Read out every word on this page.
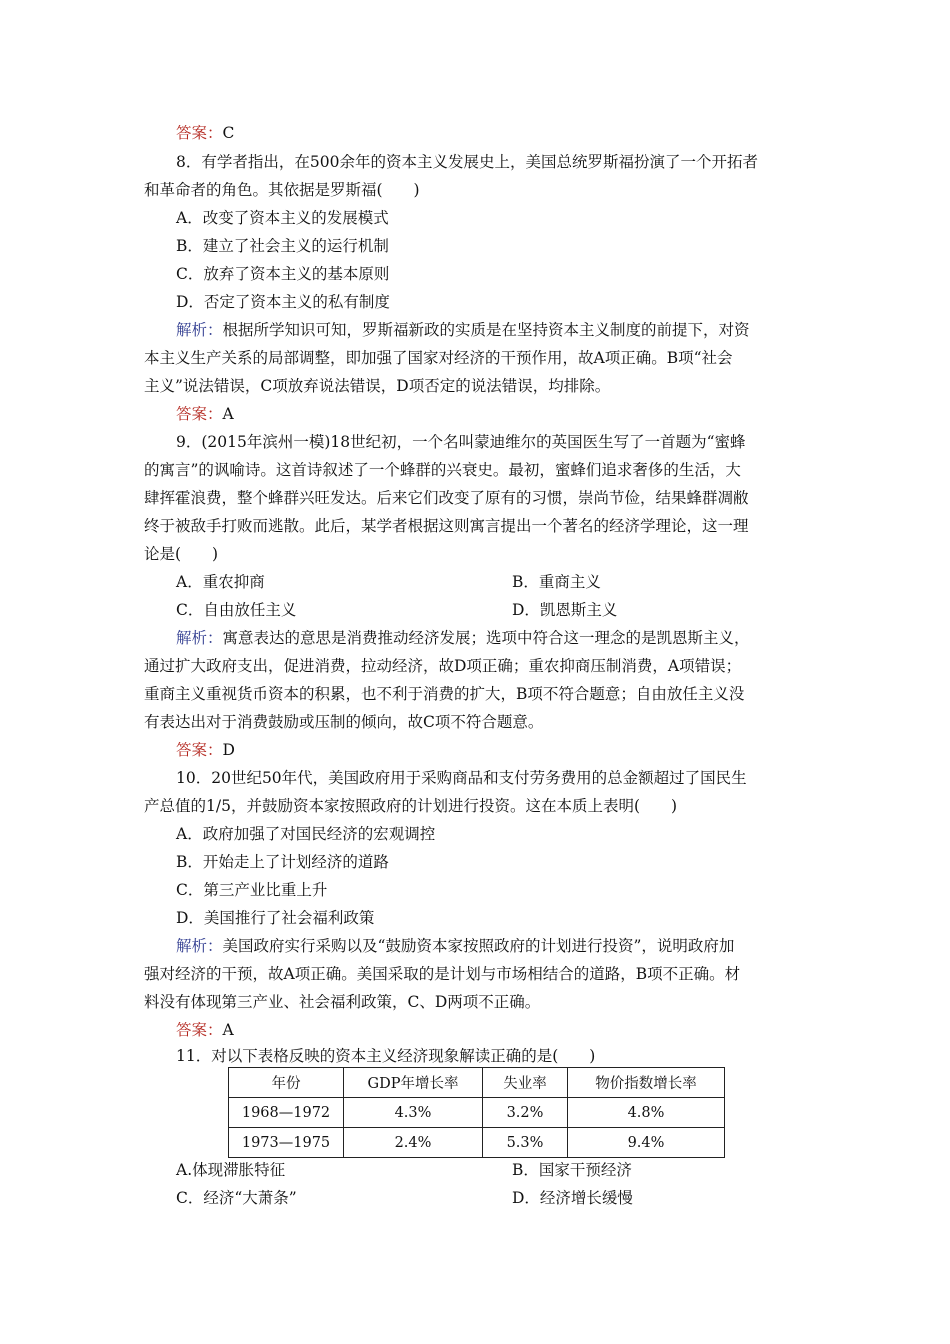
答案：C
8．有学者指出，在500余年的资本主义发展史上，美国总统罗斯福扮演了一个开拓者
和革命者的角色。其依据是罗斯福(　　)
A．改变了资本主义的发展模式
B．建立了社会主义的运行机制
C．放弃了资本主义的基本原则
D．否定了资本主义的私有制度
解析：根据所学知识可知，罗斯福新政的实质是在坚持资本主义制度的前提下，对资
本主义生产关系的局部调整，即加强了国家对经济的干预作用，故A项正确。B项“社会
主义”说法错误，C项放弃说法错误，D项否定的说法错误，均排除。
答案：A
9．(2015年滨州一模)18世纪初，一个名叫蒙迪维尔的英国医生写了一首题为“蜜蜂
的寓言”的讽喻诗。这首诗叙述了一个蜂群的兴衰史。最初，蜜蜂们追求奢侈的生活，大
肆挥霍浪费，整个蜂群兴旺发达。后来它们改变了原有的习惯，崇尚节俭，结果蜂群凋敝
终于被敌手打败而逃散。此后，某学者根据这则寓言提出一个著名的经济学理论，这一理
论是(　　)
A．重农抑商	B．重商主义
C．自由放任主义	D．凯恩斯主义
解析：寓意表达的意思是消费推动经济发展；选项中符合这一理念的是凯恩斯主义，
通过扩大政府支出，促进消费，拉动经济，故D项正确；重农抑商压制消费，A项错误；
重商主义重视货币资本的积累，也不利于消费的扩大，B项不符合题意；自由放任主义没
有表达出对于消费鼓励或压制的倾向，故C项不符合题意。
答案：D
10．20世纪50年代，美国政府用于采购商品和支付劳务费用的总金额超过了国民生
产总值的1/5，并鼓励资本家按照政府的计划进行投资。这在本质上表明(　　)
A．政府加强了对国民经济的宏观调控
B．开始走上了计划经济的道路
C．第三产业比重上升
D．美国推行了社会福利政策
解析：美国政府实行采购以及“鼓励资本家按照政府的计划进行投资”，说明政府加
强对经济的干预，故A项正确。美国采取的是计划与市场相结合的道路，B项不正确。材
料没有体现第三产业、社会福利政策，C、D两项不正确。
答案：A
11．对以下表格反映的资本主义经济现象解读正确的是(　　)
年份	GDP年增长率	失业率	物价指数增长率
1968—1972	4.3%	3.2%	4.8%
1973—1975	2.4%	5.3%	9.4%
A.体现滞胀特征	B．国家干预经济
C．经济“大萧条”	D．经济增长缓慢
